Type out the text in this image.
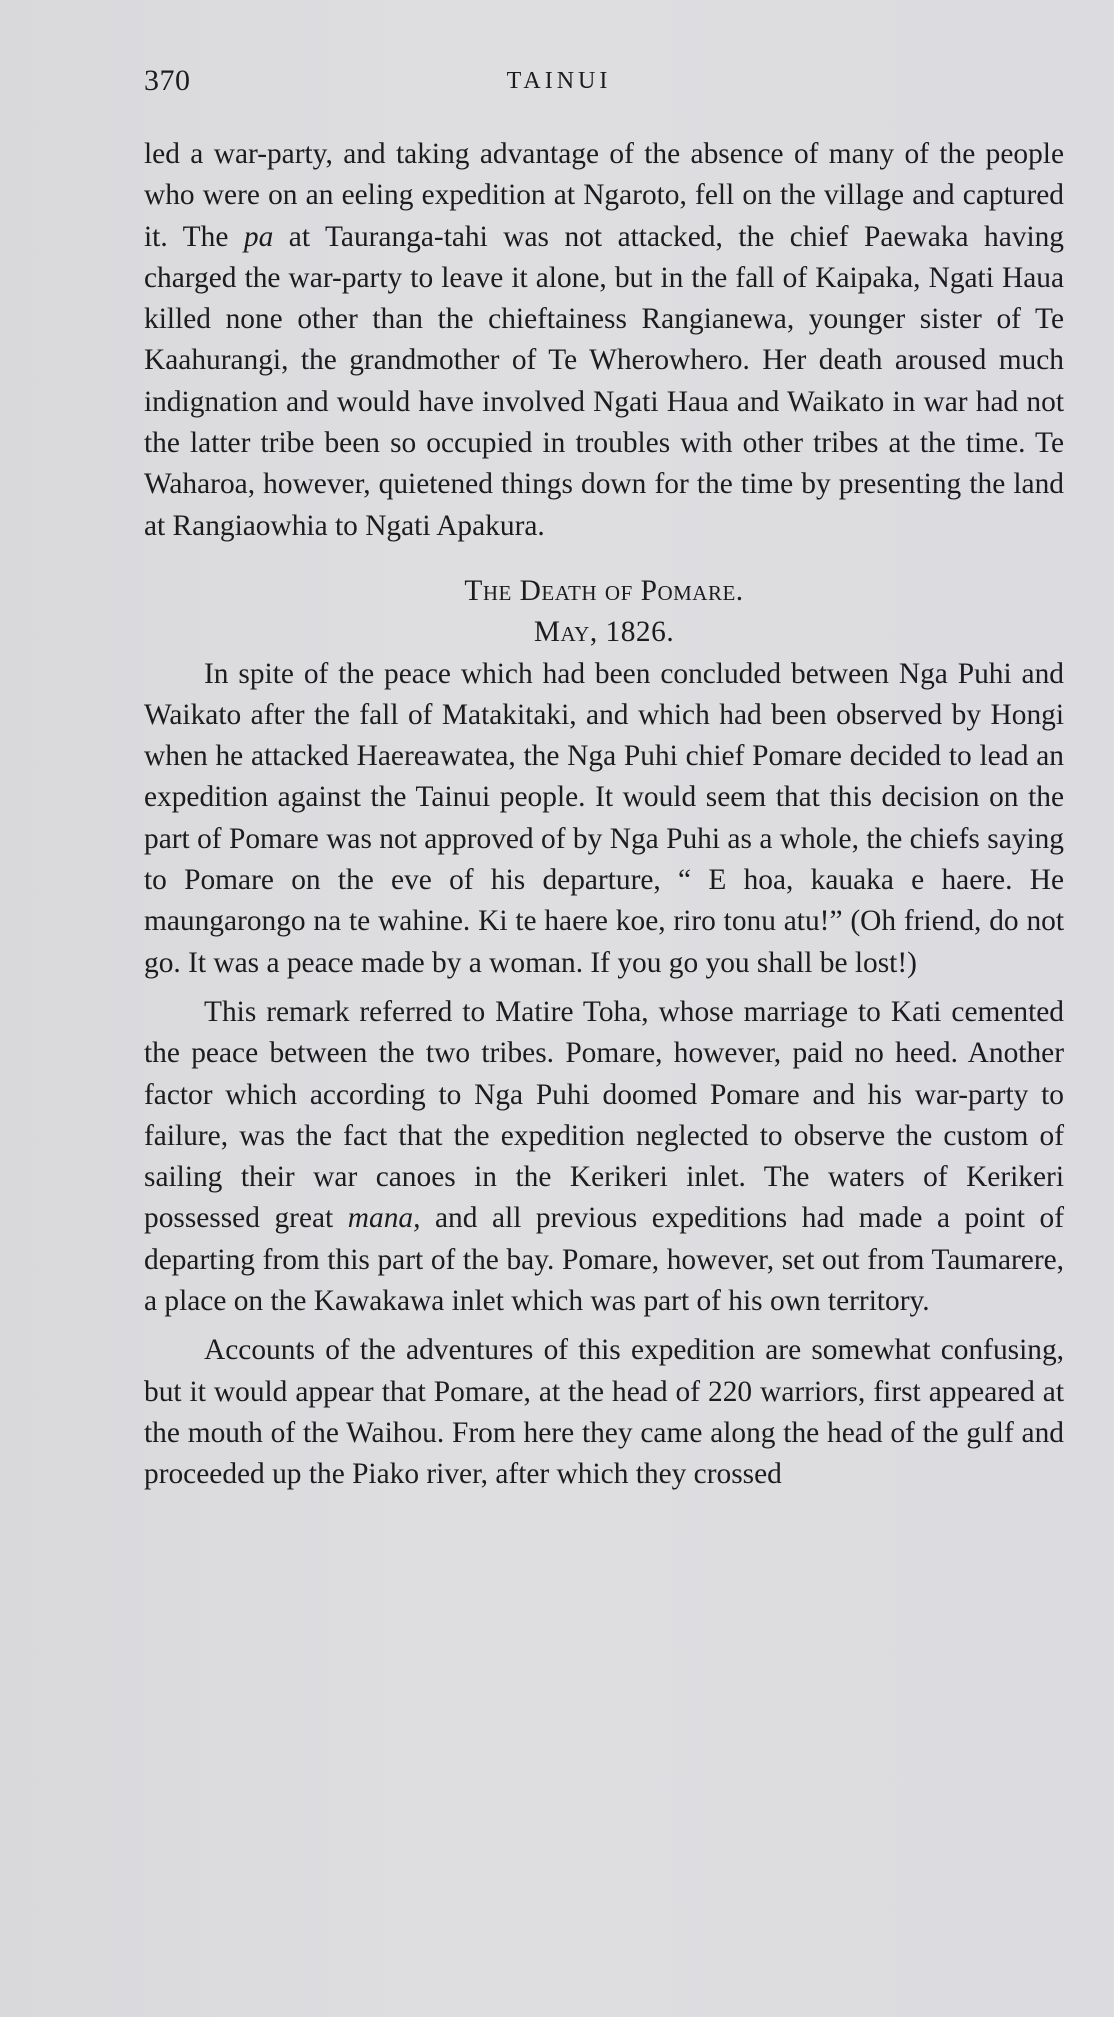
370	TAINUI

led a war-party, and taking advantage of the absence of many of the people who were on an eeling expedition at Ngaroto, fell on the village and captured it. The pa at Tauranga-tahi was not attacked, the chief Paewaka having charged the war-party to leave it alone, but in the fall of Kaipaka, Ngati Haua killed none other than the chieftainess Rangianewa, younger sister of Te Kaahurangi, the grandmother of Te Wherowhero. Her death aroused much indignation and would have involved Ngati Haua and Waikato in war had not the latter tribe been so occupied in troubles with other tribes at the time. Te Waharoa, however, quietened things down for the time by presenting the land at Rangiaowhia to Ngati Apakura.

The Death of Pomare.

May, 1826.

In spite of the peace which had been concluded between Nga Puhi and Waikato after the fall of Matakitaki, and which had been observed by Hongi when he attacked Haereawatea, the Nga Puhi chief Pomare decided to lead an expedition against the Tainui people. It would seem that this decision on the part of Pomare was not approved of by Nga Puhi as a whole, the chiefs saying to Pomare on the eve of his departure, “ E hoa, kauaka e haere. He maungarongo na te wahine. Ki te haere koe, riro tonu atu!” (Oh friend, do not go. It was a peace made by a woman. If you go you shall be lost!)

This remark referred to Matire Toha, whose marriage to Kati cemented the peace between the two tribes. Pomare, however, paid no heed. Another factor which according to Nga Puhi doomed Pomare and his war-party to failure, was the fact that the expedition neglected to observe the custom of sailing their war canoes in the Kerikeri inlet. The waters of Kerikeri possessed great mana, and all previous expeditions had made a point of departing from this part of the bay. Pomare, however, set out from Taumarere, a place on the Kawakawa inlet which was part of his own territory.

Accounts of the adventures of this expedition are somewhat confusing, but it would appear that Pomare, at the head of 220 warriors, first appeared at the mouth of the Waihou. From here they came along the head of the gulf and proceeded up the Piako river, after which they crossed
